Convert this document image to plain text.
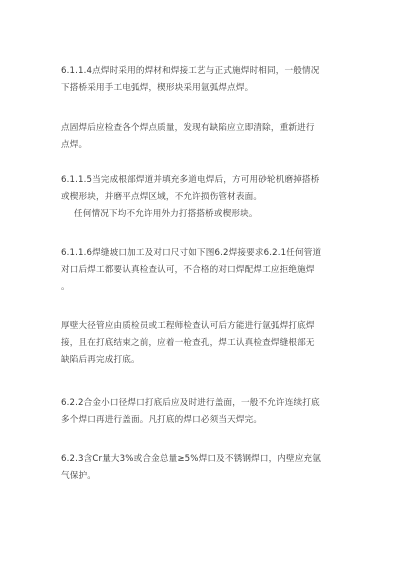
6.1.1.4点焊时采用的焊材和焊接工艺与正式施焊时相同，一般情况
下搭桥采用手工电弧焊，楔形块采用氩弧焊点焊。

点固焊后应检查各个焊点质量，发现有缺陷应立即清除，重新进行
点焊。

6.1.1.5当完成根部焊道并填充多道电焊后，方可用砂轮机磨掉搭桥
或楔形块，并磨平点焊区域，不允许损伤管材表面。
任何情况下均不允许用外力打搭搭桥或楔形块。

6.1.1.6焊缝坡口加工及对口尺寸如下图6.2焊接要求6.2.1任何管道
对口后焊工都要认真检查认可，不合格的对口焊配焊工应拒绝施焊
。

厚壁大径管应由质检员或工程师检查认可后方能进行氩弧焊打底焊
接，且在打底结束之前，应着一枪查孔，焊工认真检查焊缝根部无
缺陷后再完成打底。

6.2.2合金小口径焊口打底后应及时进行盖面，一般不允许连续打底
多个焊口再进行盖面。凡打底的焊口必须当天焊完。

6.2.3含Cr量大3%或合金总量≥5%焊口及不锈钢焊口，内壁应充氩
气保护。
